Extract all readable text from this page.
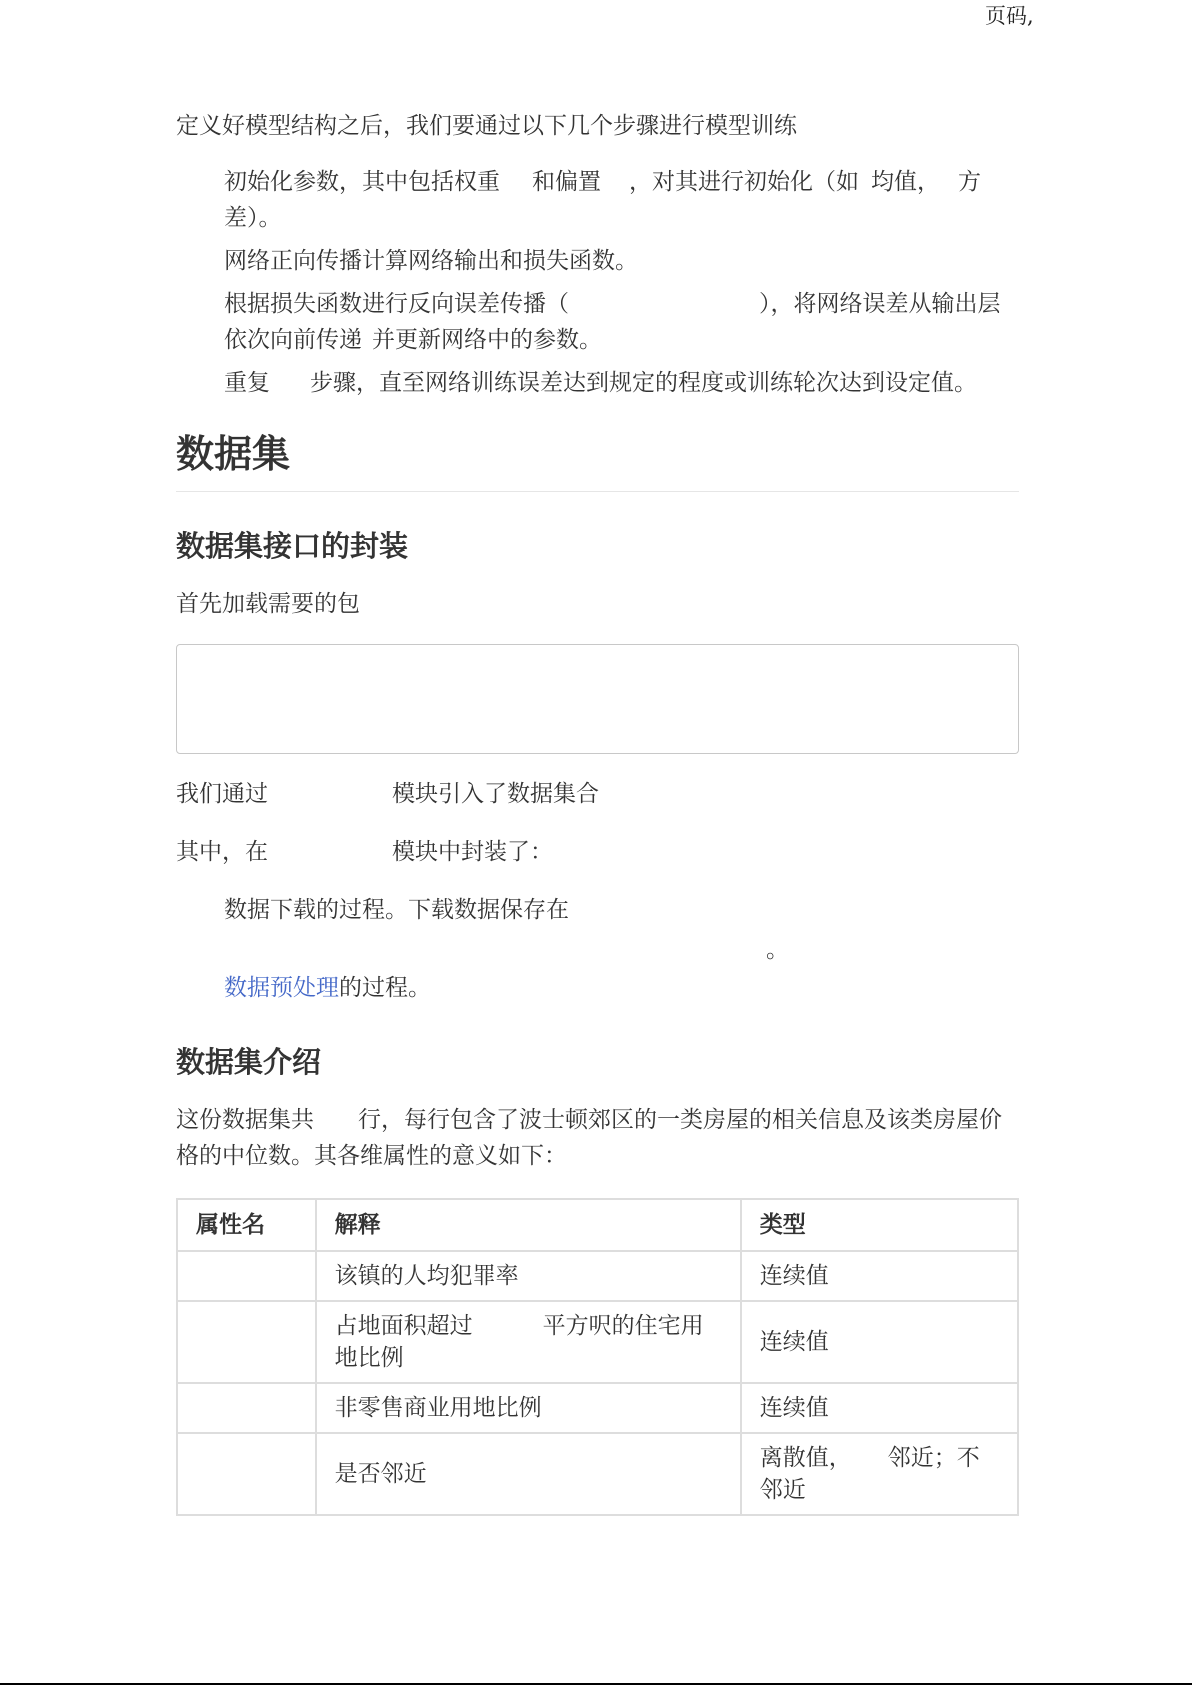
页码,

定义好模型结构之后，我们要通过以下几个步骤进行模型训练

初始化参数，其中包括权重 和偏置 ，对其进行初始化（如 均值， 方差）。

网络正向传播计算网络输出和损失函数。

根据损失函数进行反向误差传播（	），将网络误差从输出层依次向前传递 并更新网络中的参数。

重复 步骤，直至网络训练误差达到规定的程度或训练轮次达到设定值。

数据集
数据集接口的封装

首先加载需要的包

我们通过	模块引入了数据集合

其中，在	模块中封装了：

数据下载的过程。下载数据保存在

。

数据预处理的过程。

数据集介绍

这份数据集共 行，每行包含了波士顿郊区的一类房屋的相关信息及该类房屋价格的中位数。其各维属性的意义如下：

属性名	解释	类型
	该镇的人均犯罪率	连续值
	占地面积超过 平方呎的住宅用地比例	连续值
	非零售商业用地比例	连续值
	是否邻近	离散值， 邻近；不邻近
